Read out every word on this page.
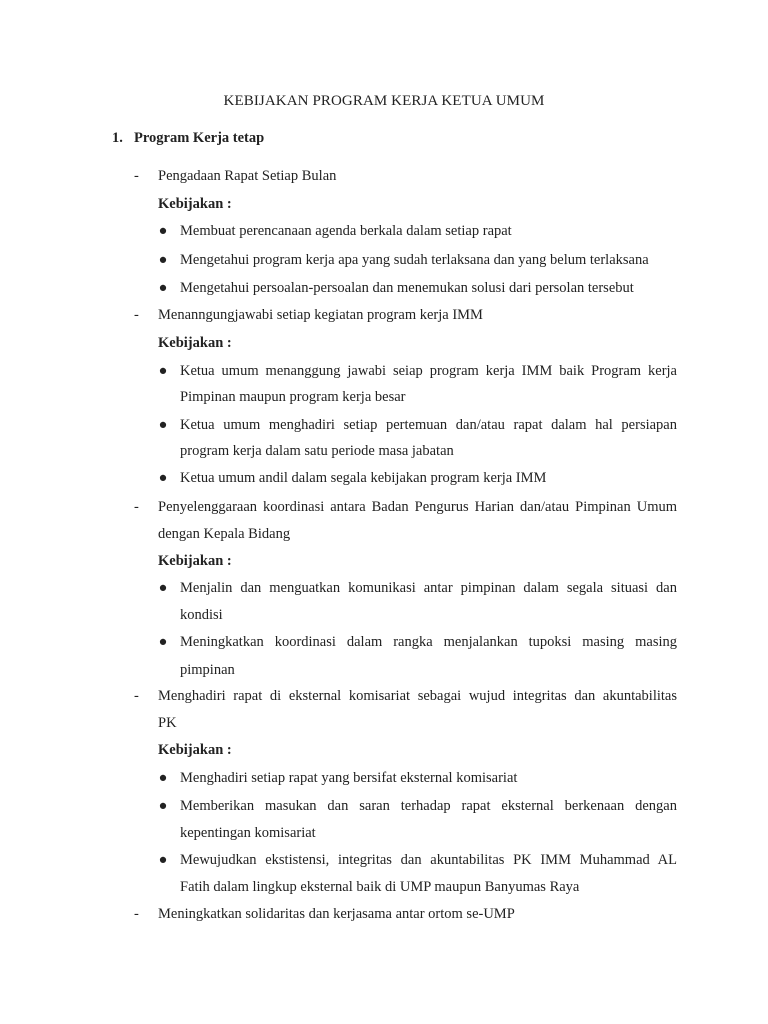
KEBIJAKAN PROGRAM KERJA KETUA UMUM
1. Program Kerja tetap
- Pengadaan Rapat Setiap Bulan
Kebijakan :
● Membuat perencanaan agenda berkala dalam setiap rapat
● Mengetahui program kerja apa yang sudah terlaksana dan yang belum terlaksana
● Mengetahui persoalan-persoalan dan menemukan solusi dari persolan tersebut
- Menanngungjawabi setiap kegiatan program kerja IMM
Kebijakan :
● Ketua umum menanggung jawabi seiap program kerja IMM baik Program kerja
Pimpinan maupun program kerja besar
● Ketua umum menghadiri setiap pertemuan dan/atau rapat dalam hal persiapan
program kerja dalam satu periode masa jabatan
● Ketua umum andil dalam segala kebijakan program kerja IMM
- Penyelenggaraan koordinasi antara Badan Pengurus Harian dan/atau Pimpinan Umum
dengan Kepala Bidang
Kebijakan :
● Menjalin dan menguatkan komunikasi antar pimpinan dalam segala situasi dan
kondisi
● Meningkatkan koordinasi dalam rangka menjalankan tupoksi masing masing
pimpinan
- Menghadiri rapat di eksternal komisariat sebagai wujud integritas dan akuntabilitas
PK
Kebijakan :
● Menghadiri setiap rapat yang bersifat eksternal komisariat
● Memberikan masukan dan saran terhadap rapat eksternal berkenaan dengan
kepentingan komisariat
● Mewujudkan ekstistensi, integritas dan akuntabilitas PK IMM Muhammad AL
Fatih dalam lingkup eksternal baik di UMP maupun Banyumas Raya
- Meningkatkan solidaritas dan kerjasama antar ortom se-UMP
